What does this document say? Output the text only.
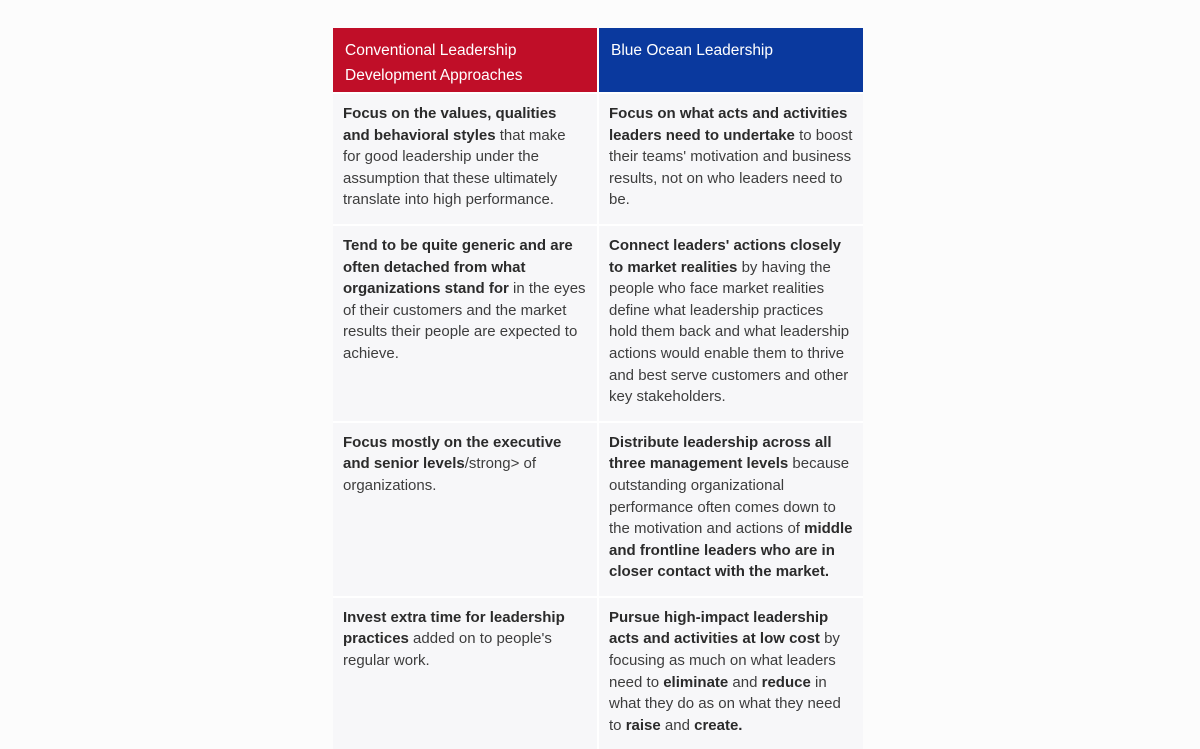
Conventional Leadership Development Approaches
Blue Ocean Leadership
Focus on the values, qualities and behavioral styles that make for good leadership under the assumption that these ultimately translate into high performance.
Focus on what acts and activities leaders need to undertake to boost their teams' motivation and business results, not on who leaders need to be.
Tend to be quite generic and are often detached from what organizations stand for in the eyes of their customers and the market results their people are expected to achieve.
Connect leaders' actions closely to market realities by having the people who face market realities define what leadership practices hold them back and what leadership actions would enable them to thrive and best serve customers and other key stakeholders.
Focus mostly on the executive and senior levels/strong> of organizations.
Distribute leadership across all three management levels because outstanding organizational performance often comes down to the motivation and actions of middle and frontline leaders who are in closer contact with the market.
Invest extra time for leadership practices added on to people's regular work.
Pursue high-impact leadership acts and activities at low cost by focusing as much on what leaders need to eliminate and reduce in what they do as on what they need to raise and create.
